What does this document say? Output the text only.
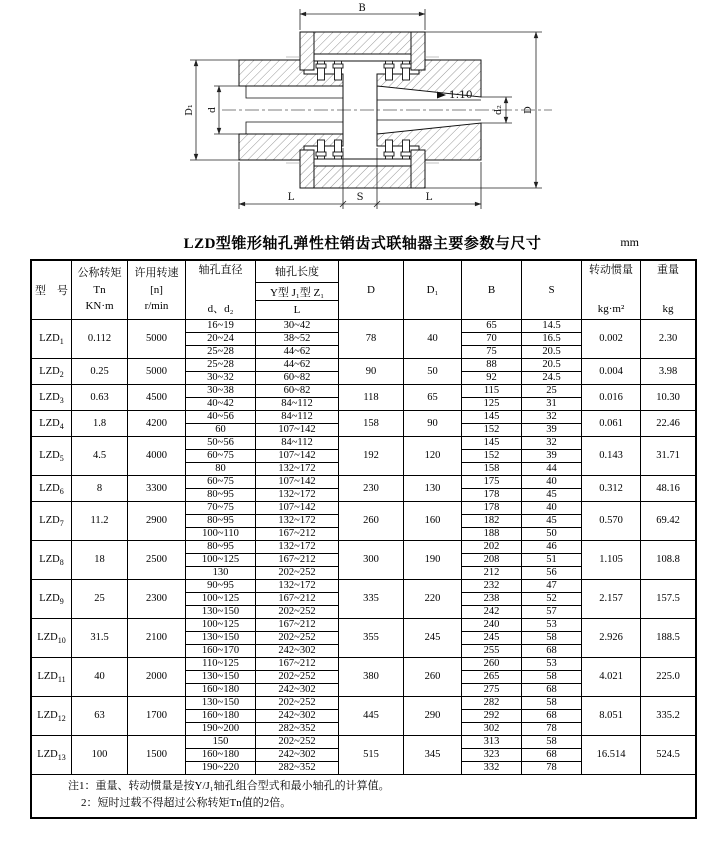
1:10
B
D₁ d	d₂ D
L	S	L
LZD型锥形轴孔弹性柱销齿式联轴器主要参数与尺寸	mm
型　号	公称转矩
Tn
KN·m	许用转速
[n]
r/min	轴孔直径
d、d₂	轴孔长度	D	D₁	B	S	转动惯量
kg·m²	重量
kg

				Y型 J₁型 Z₁						
				L						
$LZD_1$	0.112	5000	16~19	30~42	78	40	65	14.5	0.002	2.30
			20~24	38~52			70	16.5		
			25~28	44~62			75	20.5		
$LZD_2$	0.25	5000	25~28	44~62	90	50	88	20.5	0.004	3.98
			30~32	60~82			92	24.5		
$LZD_3$	0.63	4500	30~38	60~82	118	65	115	25	0.016	10.30
			40~42	84~112			125	31		
$LZD_4$	1.8	4200	40~56	84~112	158	90	145	32	0.061	22.46
			60	107~142			152	39		
$LZD_5$	4.5	4000	50~56	84~112	192	120	145	32	0.143	31.71
			60~75	107~142			152	39		
			80	132~172			158	44		
$LZD_6$	8	3300	60~75	107~142	230	130	175	40	0.312	48.16
			80~95	132~172			178	45		
$LZD_7$	11.2	2900	70~75	107~142	260	160	178	40	0.570	69.42
			80~95	132~172			182	45		
			100~110	167~212			188	50		
$LZD_8$	18	2500	80~95	132~172	300	190	202	46	1.105	108.8
			100~125	167~212			208	51		
			130	202~252			212	56		
$LZD_9$	25	2300	90~95	132~172	335	220	232	47	2.157	157.5
			100~125	167~212			238	52		
			130~150	202~252			242	57		
$LZD_{10}$	31.5	2100	100~125	167~212	355	245	240	53	2.926	188.5
			130~150	202~252			245	58		
			160~170	242~302			255	68		
$LZD_{11}$	40	2000	110~125	167~212	380	260	260	53	4.021	225.0
			130~150	202~252			265	58		
			160~180	242~302			275	68		
$LZD_{12}$	63	1700	130~150	202~252	445	290	282	58	8.051	335.2
			160~180	242~302			292	68		
			190~200	282~352			302	78		
$LZD_{13}$	100	1500	150	202~252	515	345	313	58	16.514	524.5
			160~180	242~302			323	68		
			190~220	282~352			332	78		

注1：重量、转动惯量是按Y/J₁轴孔组合型式和最小轴孔的计算值。
2：短时过载不得超过公称转矩Tn值的2倍。										
